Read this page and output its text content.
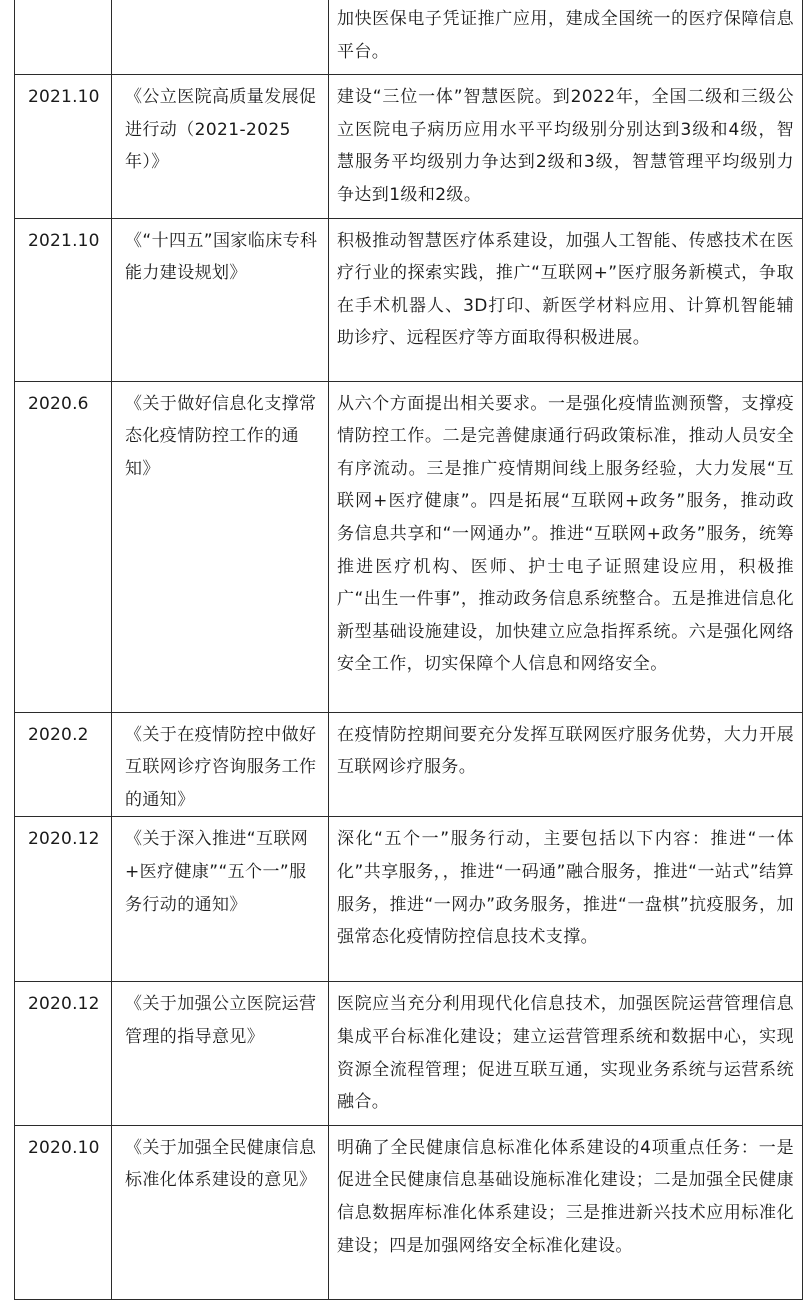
		加快医保电子凭证推广应用，建成全国统一的医疗保障信息平台。
2021.10	《公立医院高质量发展促进行动（2021-2025年）》	建设“三位一体”智慧医院。到2022年，全国二级和三级公立医院电子病历应用水平平均级别分别达到3级和4级，智慧服务平均级别力争达到2级和3级，智慧管理平均级别力争达到1级和2级。
2021.10	《“十四五”国家临床专科能力建设规划》	积极推动智慧医疗体系建设，加强人工智能、传感技术在医疗行业的探索实践，推广“互联网+”医疗服务新模式，争取在手术机器人、3D打印、新医学材料应用、计算机智能辅助诊疗、远程医疗等方面取得积极进展。
2020.6	《关于做好信息化支撑常态化疫情防控工作的通知》	从六个方面提出相关要求。一是强化疫情监测预警，支撑疫情防控工作。二是完善健康通行码政策标准，推动人员安全有序流动。三是推广疫情期间线上服务经验，大力发展“互联网+医疗健康”。四是拓展“互联网+政务”服务，推动政务信息共享和“一网通办”。推进“互联网+政务”服务，统筹推进医疗机构、医师、护士电子证照建设应用，积极推广“出生一件事”，推动政务信息系统整合。五是推进信息化新型基础设施建设，加快建立应急指挥系统。六是强化网络安全工作，切实保障个人信息和网络安全。
2020.2	《关于在疫情防控中做好互联网诊疗咨询服务工作的通知》	在疫情防控期间要充分发挥互联网医疗服务优势，大力开展互联网诊疗服务。
2020.12	《关于深入推进“互联网+医疗健康”“五个一”服务行动的通知》	深化“五个一”服务行动，主要包括以下内容：推进“一体化”共享服务，，推进“一码通”融合服务，推进“一站式”结算服务，推进“一网办”政务服务，推进“一盘棋”抗疫服务，加强常态化疫情防控信息技术支撑。
2020.12	《关于加强公立医院运营管理的指导意见》	医院应当充分利用现代化信息技术，加强医院运营管理信息集成平台标准化建设；建立运营管理系统和数据中心，实现资源全流程管理；促进互联互通，实现业务系统与运营系统融合。
2020.10	《关于加强全民健康信息标准化体系建设的意见》	明确了全民健康信息标准化体系建设的4项重点任务：一是促进全民健康信息基础设施标准化建设；二是加强全民健康信息数据库标准化体系建设；三是推进新兴技术应用标准化建设；四是加强网络安全标准化建设。
